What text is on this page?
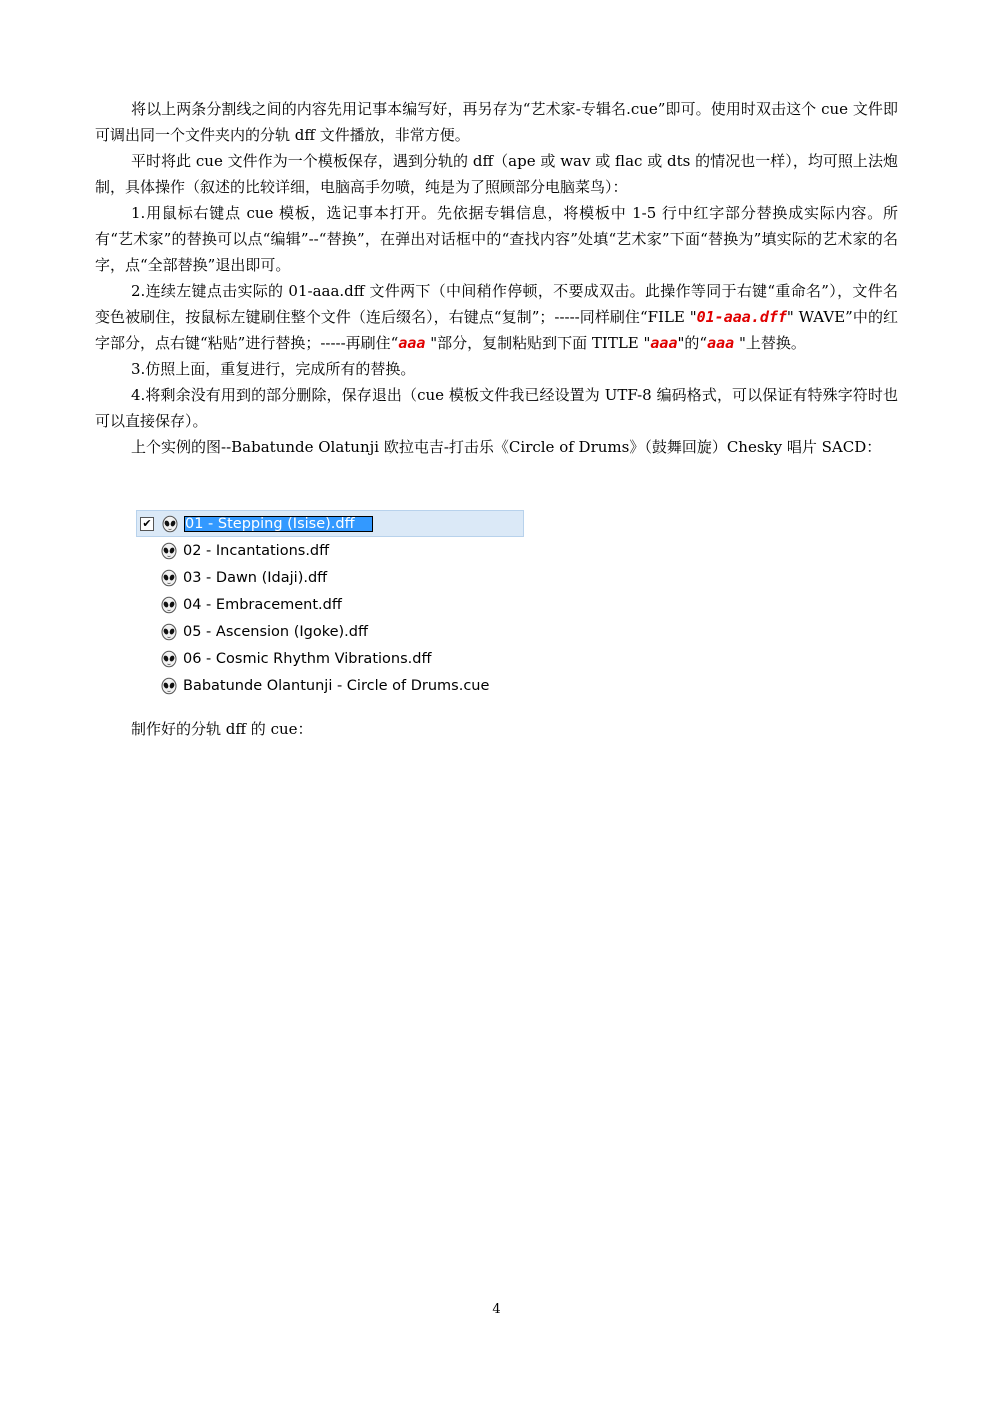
将以上两条分割线之间的内容先用记事本编写好，再另存为“艺术家-专辑名.cue”即可。使用时双击这个 cue 文件即可调出同一个文件夹内的分轨 dff 文件播放，非常方便。

平时将此 cue 文件作为一个模板保存，遇到分轨的 dff（ape 或 wav 或 flac 或 dts 的情况也一样），均可照上法炮制，具体操作（叙述的比较详细，电脑高手勿喷，纯是为了照顾部分电脑菜鸟）：

1.用鼠标右键点 cue 模板，选记事本打开。先依据专辑信息，将模板中 1-5 行中红字部分替换成实际内容。所有“艺术家”的替换可以点“编辑”--“替换”，在弹出对话框中的“查找内容”处填“艺术家”下面“替换为”填实际的艺术家的名字，点“全部替换”退出即可。

2.连续左键点击实际的 01-aaa.dff 文件两下（中间稍作停顿，不要成双击。此操作等同于右键“重命名”），文件名变色被刷住，按鼠标左键刷住整个文件（连后缀名），右键点“复制”；-----同样刷住“FILE "01-aaa.dff" WAVE”中的红字部分，点右键“粘贴”进行替换；-----再刷住“aaa "部分，复制粘贴到下面 TITLE "aaa"的“aaa "上替换。

3.仿照上面，重复进行，完成所有的替换。

4.将剩余没有用到的部分删除，保存退出（cue 模板文件我已经设置为 UTF-8 编码格式，可以保证有特殊字符时也可以直接保存）。

上个实例的图--Babatunde Olatunji 欧拉屯吉-打击乐《Circle of Drums》（鼓舞回旋）Chesky 唱片 SACD：

✔ 01 - Stepping (Isise).dff
02 - Incantations.dff
03 - Dawn (Idaji).dff
04 - Embracement.dff
05 - Ascension (Igoke).dff
06 - Cosmic Rhythm Vibrations.dff
Babatunde Olantunji - Circle of Drums.cue
制作好的分轨 dff 的 cue：
4
